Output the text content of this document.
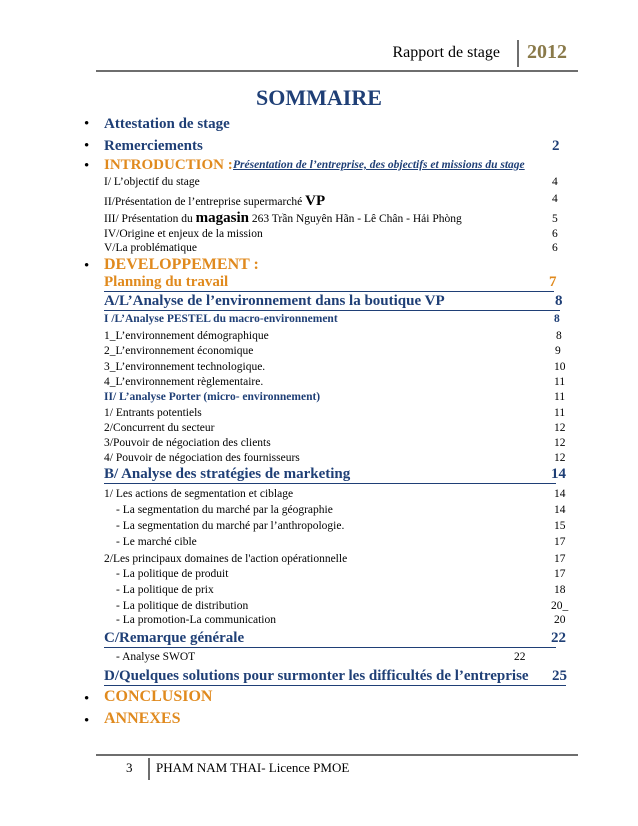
Rapport de stage 2012
SOMMAIRE
• Attestation de stage
• Remerciements	2
• INTRODUCTION : Présentation de l’entreprise, des objectifs et missions du stage
I/ L’objectif du stage	4
II/Présentation de l’entreprise supermarché VP	4
III/ Présentation du magasin 263 Trần Nguyên Hãn - Lê Chân - Hải Phòng	5
IV/Origine et enjeux de la mission	6
V/La problématique	6
• DEVELOPPEMENT :
Planning du travail	7
A/L’Analyse de l’environnement dans la boutique VP	8
I /L’Analyse PESTEL du macro-environnement	8
1_L’environnement démographique	8
2_L’environnement économique	9
3_L’environnement technologique.	10
4_L’environnement règlementaire.	11
II/ L’analyse Porter (micro- environnement)	11
1/ Entrants potentiels	11
2/Concurrent du secteur	12
3/Pouvoir de négociation des clients	12
4/ Pouvoir de négociation des fournisseurs	12
B/ Analyse des stratégies de marketing	14
1/ Les actions de segmentation et ciblage	14
- La segmentation du marché par la géographie	14
- La segmentation du marché par l’anthropologie.	15
- Le marché cible	17
2/Les principaux domaines de l'action opérationnelle	17
- La politique de produit	17
- La politique de prix	18
- La politique de distribution	20_
- La promotion-La communication	20
C/Remarque générale	22
- Analyse SWOT	22
D/Quelques solutions pour surmonter les difficultés de l’entreprise	25
• CONCLUSION
• ANNEXES
3 PHAM NAM THAI- Licence PMOE
